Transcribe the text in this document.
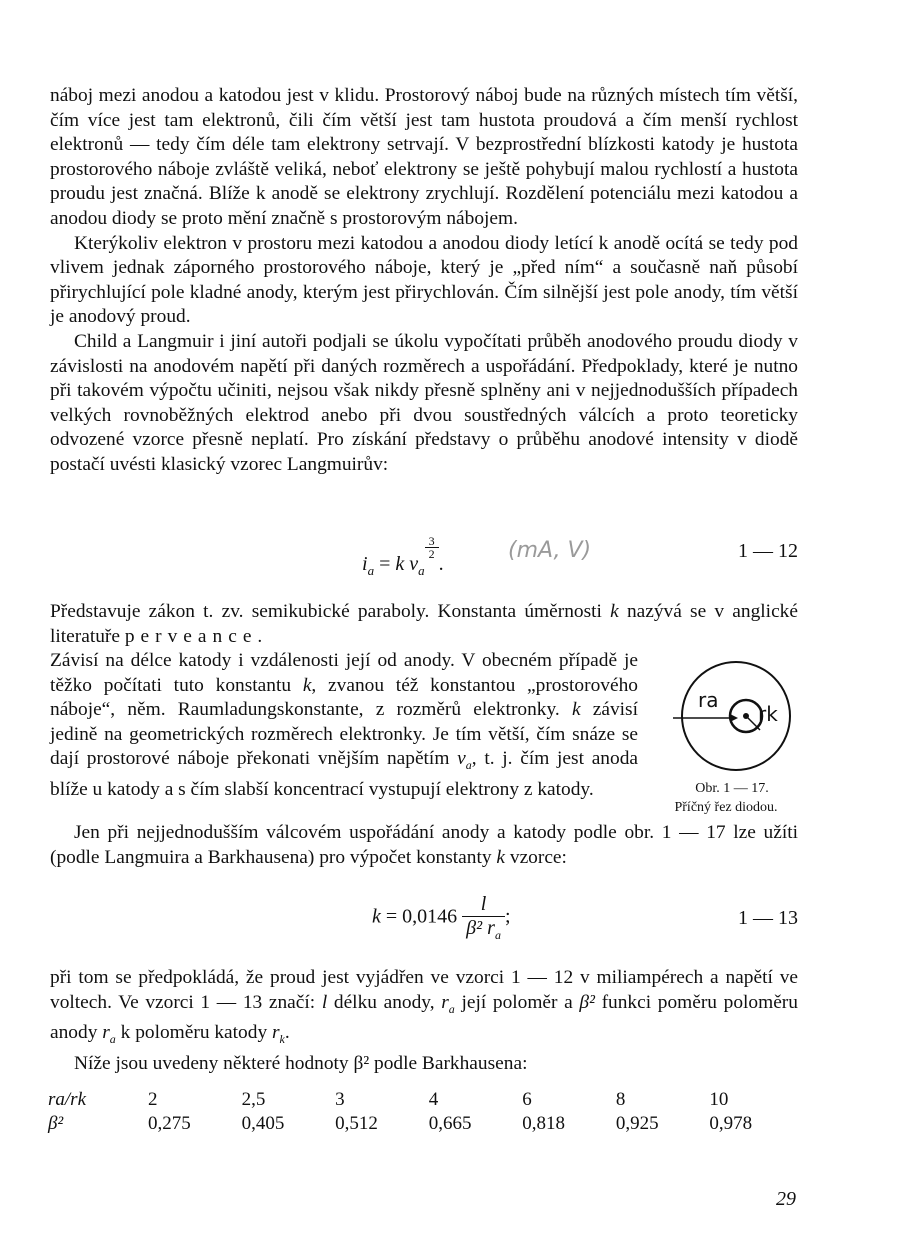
náboj mezi anodou a katodou jest v klidu. Prostorový náboj bude na různých místech tím větší, čím více jest tam elektronů, čili čím větší jest tam hustota proudová a čím menší rychlost elektronů — tedy čím déle tam elektrony setrvají. V bezprostřední blízkosti katody je hustota prostorového náboje zvláště veliká, neboť elektrony se ještě pohybují malou rychlostí a hustota proudu jest značná. Blíže k anodě se elektrony zrychlují. Rozdělení potenciálu mezi katodou a anodou diody se proto mění značně s prostorovým nábojem.

Kterýkoliv elektron v prostoru mezi katodou a anodou diody letící k anodě ocítá se tedy pod vlivem jednak záporného prostorového náboje, který je „před ním“ a současně naň působí přirychlující pole kladné anody, kterým jest přirychlován. Čím silnější jest pole anody, tím větší je anodový proud.

Child a Langmuir i jiní autoři podjali se úkolu vypočítati průběh anodového proudu diody v závislosti na anodovém napětí při daných rozměrech a uspořádání. Předpoklady, které je nutno při takovém výpočtu učiniti, nejsou však nikdy přesně splněny ani v nejjednodušších případech velkých rovnoběžných elektrod anebo při dvou soustředných válcích a proto teoreticky odvozené vzorce přesně neplatí. Pro získání představy o průběhu anodové intensity v diodě postačí uvésti klasický vzorec Langmuirův:

$i_a = k$ $v_a$
$\frac{3}{2}$
.
(mA, V)	1 — 12

Představuje zákon t. zv. semikubické paraboly. Konstanta úměrnosti k nazývá se v anglické literatuře perveance.

Závisí na délce katody i vzdálenosti její od anody. V obecném případě je těžko počítati tuto konstantu k, zvanou též konstantou „prostorového náboje“, něm. Raumladungskonstante, z rozměrů elektronky. k závisí jedině na geometrických rozměrech elektronky. Je tím větší, čím snáze se dají prostorové náboje překonati vnějším napětím $v_a$, t. j. čím jest anoda blíže u katody a s čím slabší koncentrací vystupují elektrony z katody.

ra
rk
Obr. 1 — 17.
Příčný řez diodou.

Jen při nejjednodušším válcovém uspořádání anody a katody podle obr. 1 — 17 lze užíti (podle Langmuira a Barkhausena) pro výpočet konstanty k vzorce:

$k = 0,0146 \frac{l}{\beta^2 r_a}$ ;	1 — 13

při tom se předpokládá, že proud jest vyjádřen ve vzorci 1 — 12 v miliampérech a napětí ve voltech. Ve vzorci 1 — 13 značí: l délku anody, $r_a$ její poloměr a β² funkci poměru poloměru anody $r_a$ k poloměru katody $r_k$.

Níže jsou uvedeny některé hodnoty β² podle Barkhausena:

ra/rk	2	2,5	3	4	6	8	10
β²	0,275	0,405	0,512	0,665	0,818	0,925	0,978
29
